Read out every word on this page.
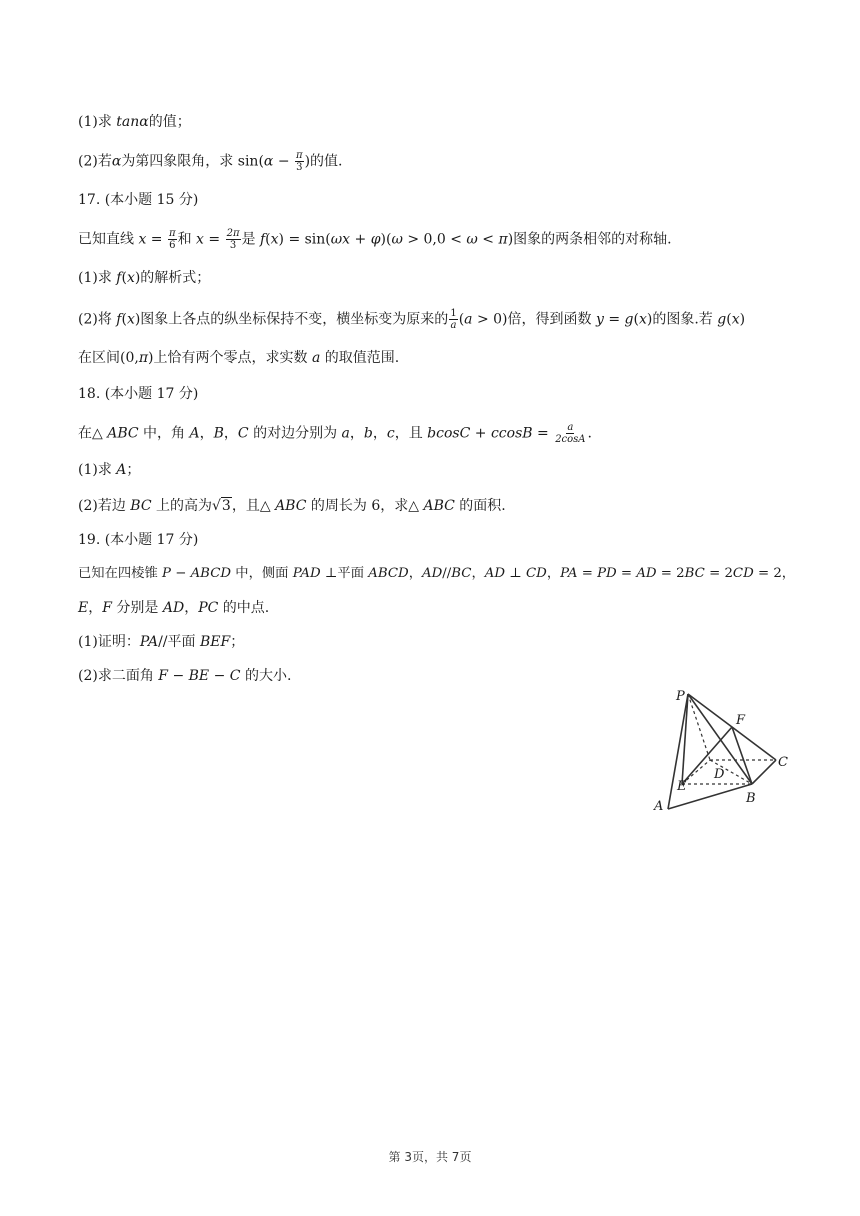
(1)求 tanα的值；
(2)若α为第四象限角，求 $\sin(\alpha - \frac{\pi}{3}$ )的值.
17. (本小题 15 分)
已知直线 $x = \frac{\pi}{6}$ 和 $x = \frac{2\pi}{3}$ 是 f(x) = sin(ωx + φ)(ω > 0,0 < ω < π)图象的两条相邻的对称轴.
(1)求 f(x)的解析式；
(2)将 f(x)图象上各点的纵坐标保持不变，横坐标变为原来的 $\frac{1}{a} (a > 0)$倍，得到函数 y = g(x)的图象.若 g(x)
在区间(0,π)上恰有两个零点，求实数 a 的取值范围.
18. (本小题 17 分)
在△ ABC 中，角 A，B，C 的对边分别为 a，b，c，且 $bcosC + ccosB = \frac{a}{2\cos A}$ .
(1)求 A；
(2)若边 BC 上的高为√3，且△ ABC 的周长为 6，求△ ABC 的面积.
19. (本小题 17 分)
已知在四棱锥 P − ABCD 中，侧面 PAD ⊥平面 ABCD，AD//BC，AD ⊥ CD，PA = PD = AD = 2BC = 2CD = 2，
E，F 分别是 AD，PC 的中点.
(1)证明：PA//平面 BEF；
(2)求二面角 F − BE − C 的大小.
P
F
C
D
E
A
B
第 3页，共 7页
